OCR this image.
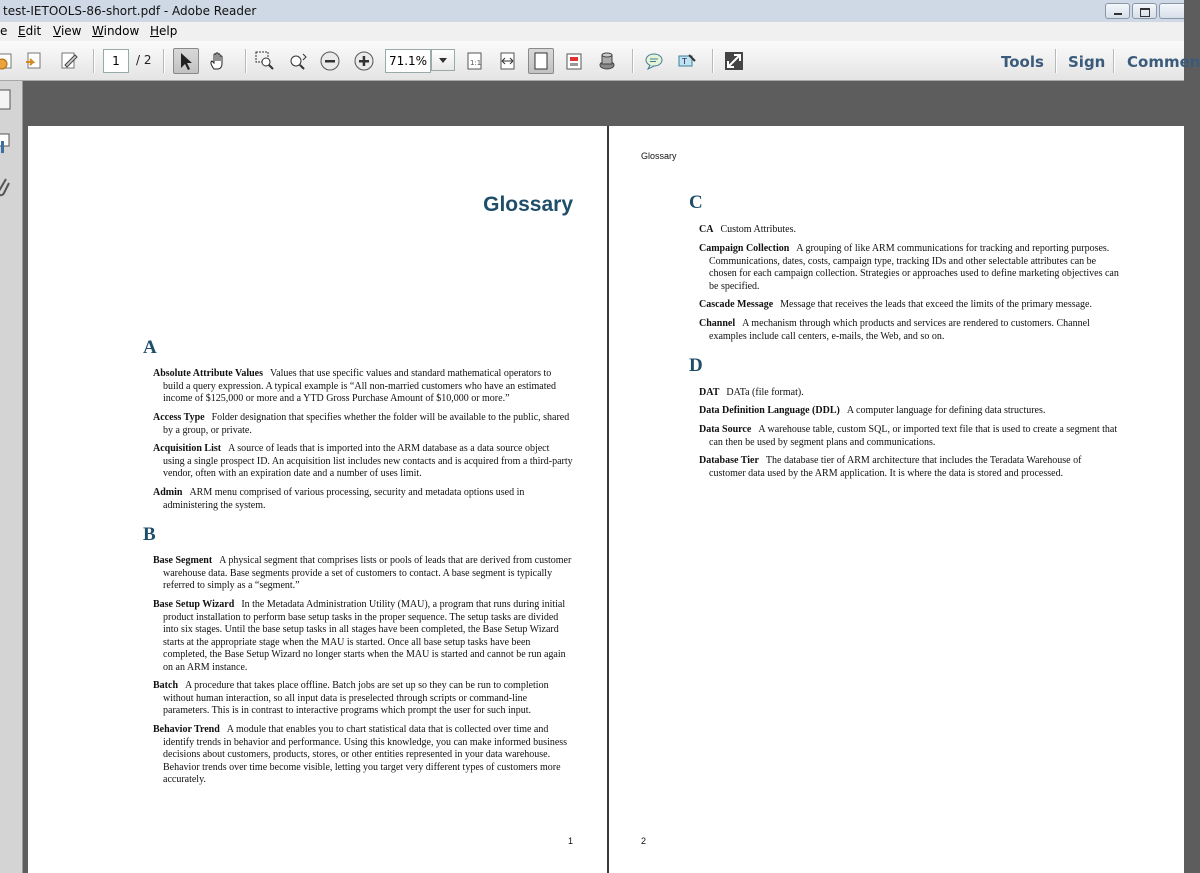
test-IETOOLS-86-short.pdf - Adobe Reader
e Edit View Window Help
1	/ 2	71.1%	1:1	T	Tools Sign Commen
Glossary
A
Absolute Attribute Values Values that use specific values and standard mathematical operators to build a query expression. A typical example is “All non-married customers who have an estimated income of $125,000 or more and a YTD Gross Purchase Amount of $10,000 or more.”
Access Type Folder designation that specifies whether the folder will be available to the public, shared by a group, or private.
Acquisition List A source of leads that is imported into the ARM database as a data source object using a single prospect ID. An acquisition list includes new contacts and is acquired from a third-party vendor, often with an expiration date and a number of uses limit.
Admin ARM menu comprised of various processing, security and metadata options used in administering the system.
B
Base Segment A physical segment that comprises lists or pools of leads that are derived from customer warehouse data. Base segments provide a set of customers to contact. A base segment is typically referred to simply as a “segment.”
Base Setup Wizard In the Metadata Administration Utility (MAU), a program that runs during initial product installation to perform base setup tasks in the proper sequence. The setup tasks are divided into six stages. Until the base setup tasks in all stages have been completed, the Base Setup Wizard starts at the appropriate stage when the MAU is started. Once all base setup tasks have been completed, the Base Setup Wizard no longer starts when the MAU is started and cannot be run again on an ARM instance.
Batch A procedure that takes place offline. Batch jobs are set up so they can be run to completion without human interaction, so all input data is preselected through scripts or command-line parameters. This is in contrast to interactive programs which prompt the user for such input.
Behavior Trend A module that enables you to chart statistical data that is collected over time and identify trends in behavior and performance. Using this knowledge, you can make informed business decisions about customers, products, stores, or other entities represented in your data warehouse. Behavior trends over time become visible, letting you target very different types of customers more accurately.
1
Glossary
C
CA Custom Attributes.
Campaign Collection A grouping of like ARM communications for tracking and reporting purposes. Communications, dates, costs, campaign type, tracking IDs and other selectable attributes can be chosen for each campaign collection. Strategies or approaches used to define marketing objectives can be specified.
Cascade Message Message that receives the leads that exceed the limits of the primary message.
Channel A mechanism through which products and services are rendered to customers. Channel examples include call centers, e-mails, the Web, and so on.
D
DAT DATa (file format).
Data Definition Language (DDL) A computer language for defining data structures.
Data Source A warehouse table, custom SQL, or imported text file that is used to create a segment that can then be used by segment plans and communications.
Database Tier The database tier of ARM architecture that includes the Teradata Warehouse of customer data used by the ARM application. It is where the data is stored and processed.
2
